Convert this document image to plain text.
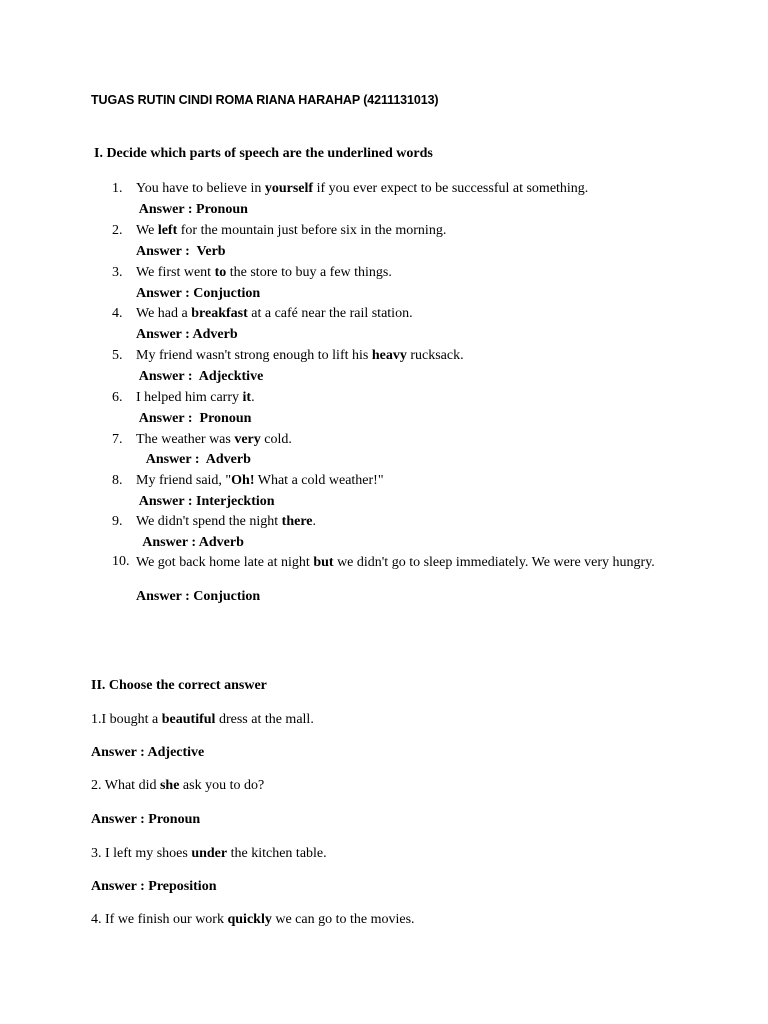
TUGAS RUTIN CINDI ROMA RIANA HARAHAP (4211131013)
I. Decide which parts of speech are the underlined words
1. You have to believe in yourself if you ever expect to be successful at something.
Answer : Pronoun
2. We left for the mountain just before six in the morning.
Answer :  Verb
3. We first went to the store to buy a few things.
Answer : Conjuction
4. We had a breakfast at a café near the rail station.
Answer : Adverb
5. My friend wasn't strong enough to lift his heavy rucksack.
Answer :  Adjecktive
6. I helped him carry it.
Answer :  Pronoun
7. The weather was very cold.
Answer :  Adverb
8. My friend said, "Oh! What a cold weather!"
Answer : Interjecktion
9. We didn't spend the night there.
Answer : Adverb
10. We got back home late at night but we didn't go to sleep immediately. We were very hungry.
Answer : Conjuction
II. Choose the correct answer
1.I bought a beautiful dress at the mall.
Answer : Adjective
2. What did she ask you to do?
Answer : Pronoun
3. I left my shoes under the kitchen table.
Answer : Preposition
4. If we finish our work quickly we can go to the movies.
